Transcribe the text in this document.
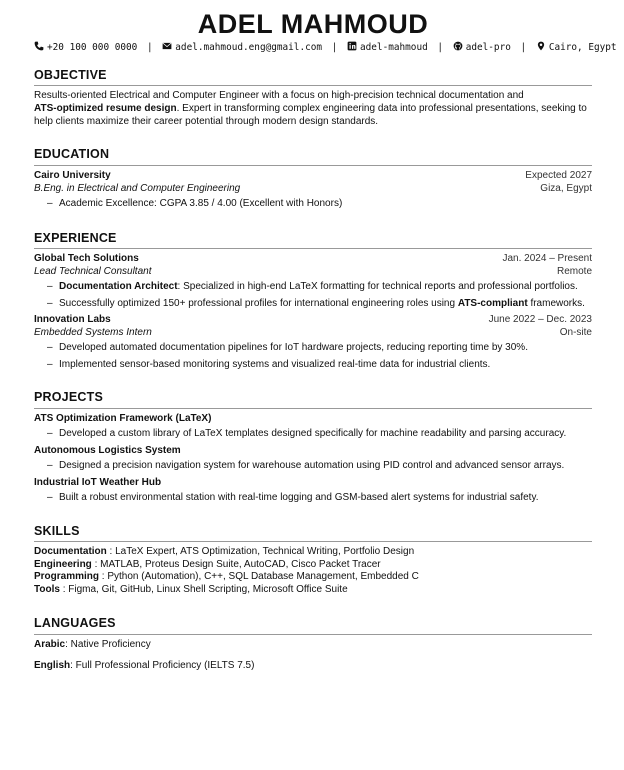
ADEL MAHMOUD
+20 100 000 0000 | adel.mahmoud.eng@gmail.com | adel-mahmoud | adel-pro | Cairo, Egypt
OBJECTIVE
Results-oriented Electrical and Computer Engineer with a focus on high-precision technical documentation and
ATS-optimized resume design. Expert in transforming complex engineering data into professional presentations, seeking to help clients maximize their career potential through modern design standards.
EDUCATION
Cairo University	Expected 2027
B.Eng. in Electrical and Computer Engineering	Giza, Egypt
– Academic Excellence: CGPA 3.85 / 4.00 (Excellent with Honors)
EXPERIENCE
Global Tech Solutions	Jan. 2024 – Present
Lead Technical Consultant	Remote
– Documentation Architect: Specialized in high-end LaTeX formatting for technical reports and professional portfolios.
– Successfully optimized 150+ professional profiles for international engineering roles using ATS-compliant frameworks.
Innovation Labs	June 2022 – Dec. 2023
Embedded Systems Intern	On-site
– Developed automated documentation pipelines for IoT hardware projects, reducing reporting time by 30%.
– Implemented sensor-based monitoring systems and visualized real-time data for industrial clients.
PROJECTS
ATS Optimization Framework (LaTeX)
– Developed a custom library of LaTeX templates designed specifically for machine readability and parsing accuracy.
Autonomous Logistics System
– Designed a precision navigation system for warehouse automation using PID control and advanced sensor arrays.
Industrial IoT Weather Hub
– Built a robust environmental station with real-time logging and GSM-based alert systems for industrial safety.
SKILLS
Documentation : LaTeX Expert, ATS Optimization, Technical Writing, Portfolio Design
Engineering : MATLAB, Proteus Design Suite, AutoCAD, Cisco Packet Tracer
Programming : Python (Automation), C++, SQL Database Management, Embedded C
Tools : Figma, Git, GitHub, Linux Shell Scripting, Microsoft Office Suite
LANGUAGES
Arabic: Native Proficiency
English: Full Professional Proficiency (IELTS 7.5)
